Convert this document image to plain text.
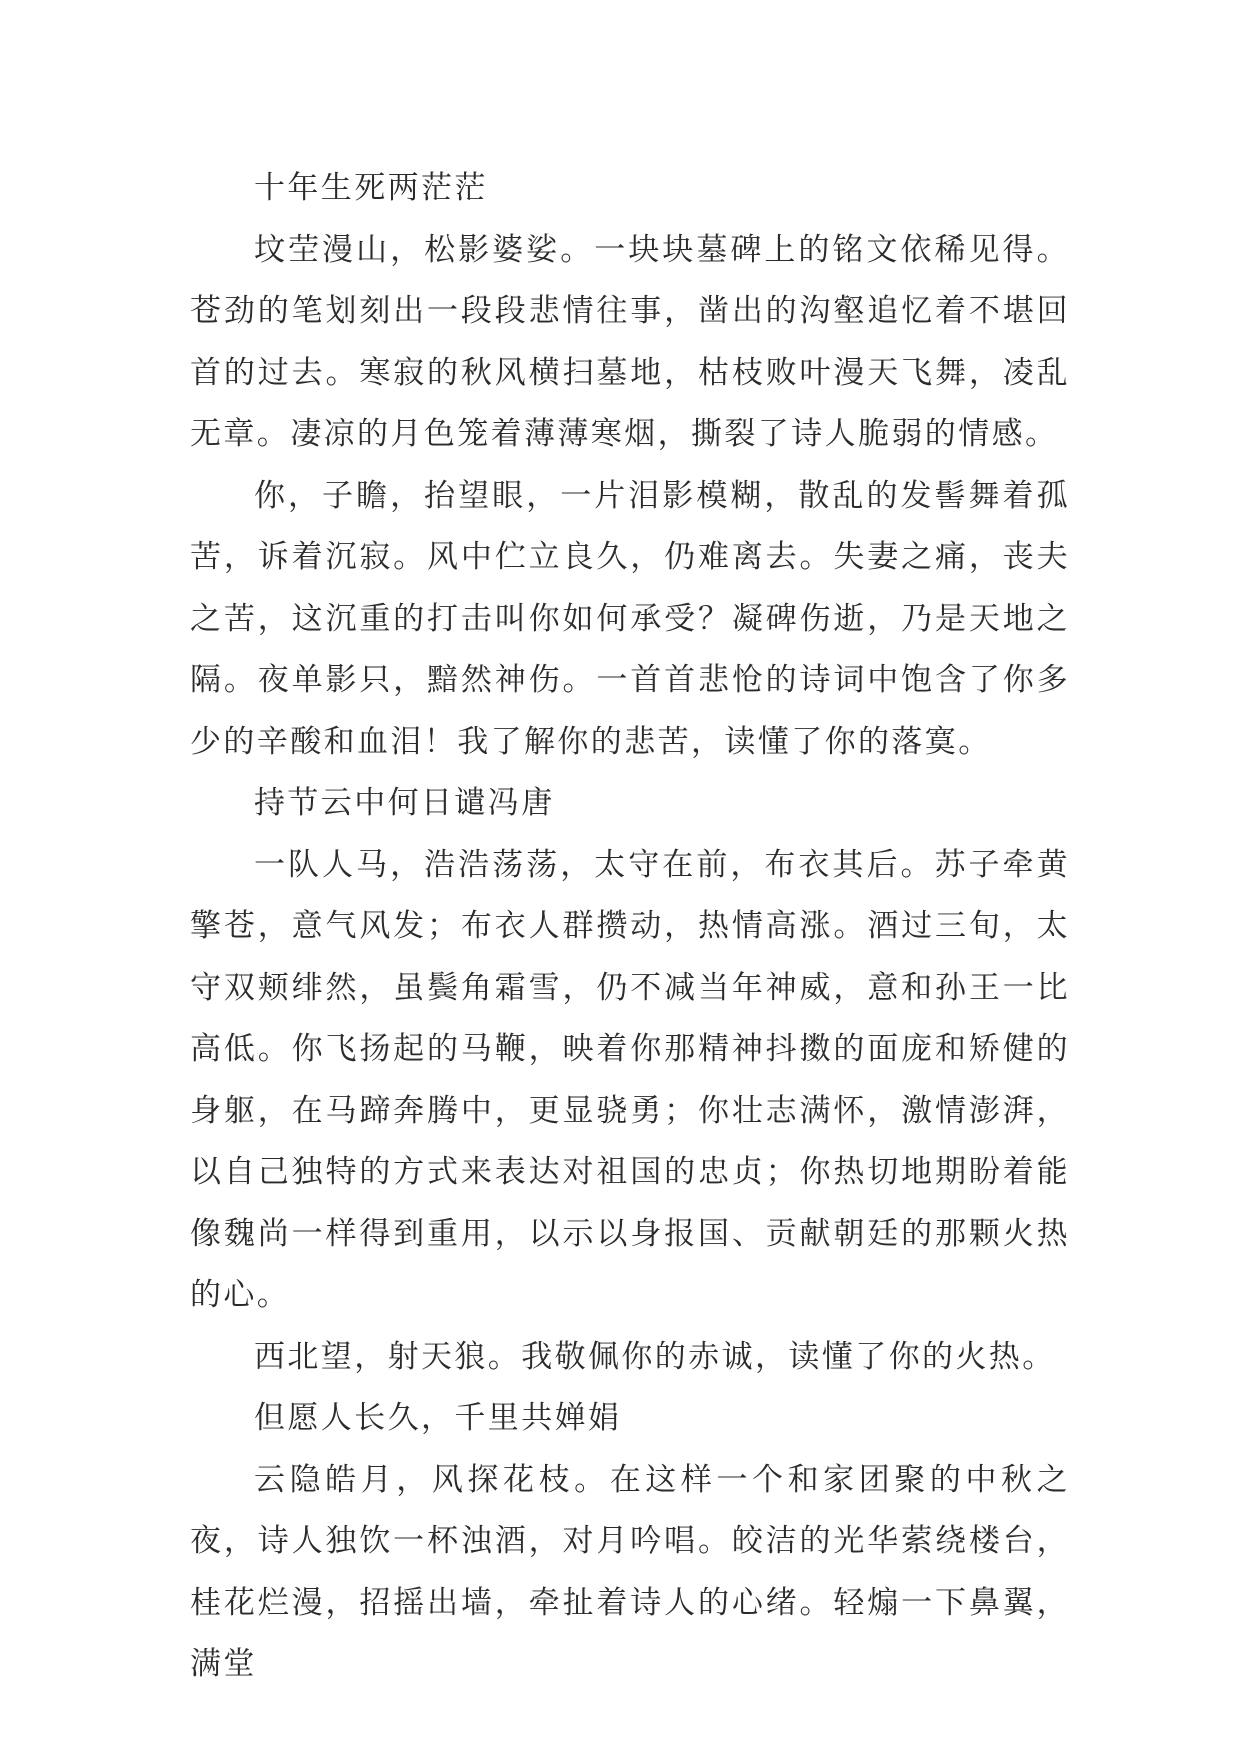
十年生死两茫茫

坟茔漫山，松影婆娑。一块块墓碑上的铭文依稀见得。苍劲的笔划刻出一段段悲情往事，凿出的沟壑追忆着不堪回首的过去。寒寂的秋风横扫墓地，枯枝败叶漫天飞舞，凌乱无章。凄凉的月色笼着薄薄寒烟，撕裂了诗人脆弱的情感。

你，子瞻，抬望眼，一片泪影模糊，散乱的发髻舞着孤苦，诉着沉寂。风中伫立良久，仍难离去。失妻之痛，丧夫之苦，这沉重的打击叫你如何承受？凝碑伤逝，乃是天地之隔。夜单影只，黯然神伤。一首首悲怆的诗词中饱含了你多少的辛酸和血泪！我了解你的悲苦，读懂了你的落寞。

持节云中何日谴冯唐

一队人马，浩浩荡荡，太守在前，布衣其后。苏子牵黄擎苍，意气风发；布衣人群攒动，热情高涨。酒过三旬，太守双颊绯然，虽鬓角霜雪，仍不减当年神威，意和孙王一比高低。你飞扬起的马鞭，映着你那精神抖擞的面庞和矫健的身躯，在马蹄奔腾中，更显骁勇；你壮志满怀，激情澎湃，以自己独特的方式来表达对祖国的忠贞；你热切地期盼着能像魏尚一样得到重用，以示以身报国、贡献朝廷的那颗火热的心。

西北望，射天狼。我敬佩你的赤诚，读懂了你的火热。

但愿人长久，千里共婵娟

云隐皓月，风探花枝。在这样一个和家团聚的中秋之夜，诗人独饮一杯浊酒，对月吟唱。皎洁的光华萦绕楼台，桂花烂漫，招摇出墙，牵扯着诗人的心绪。轻煽一下鼻翼，满堂
